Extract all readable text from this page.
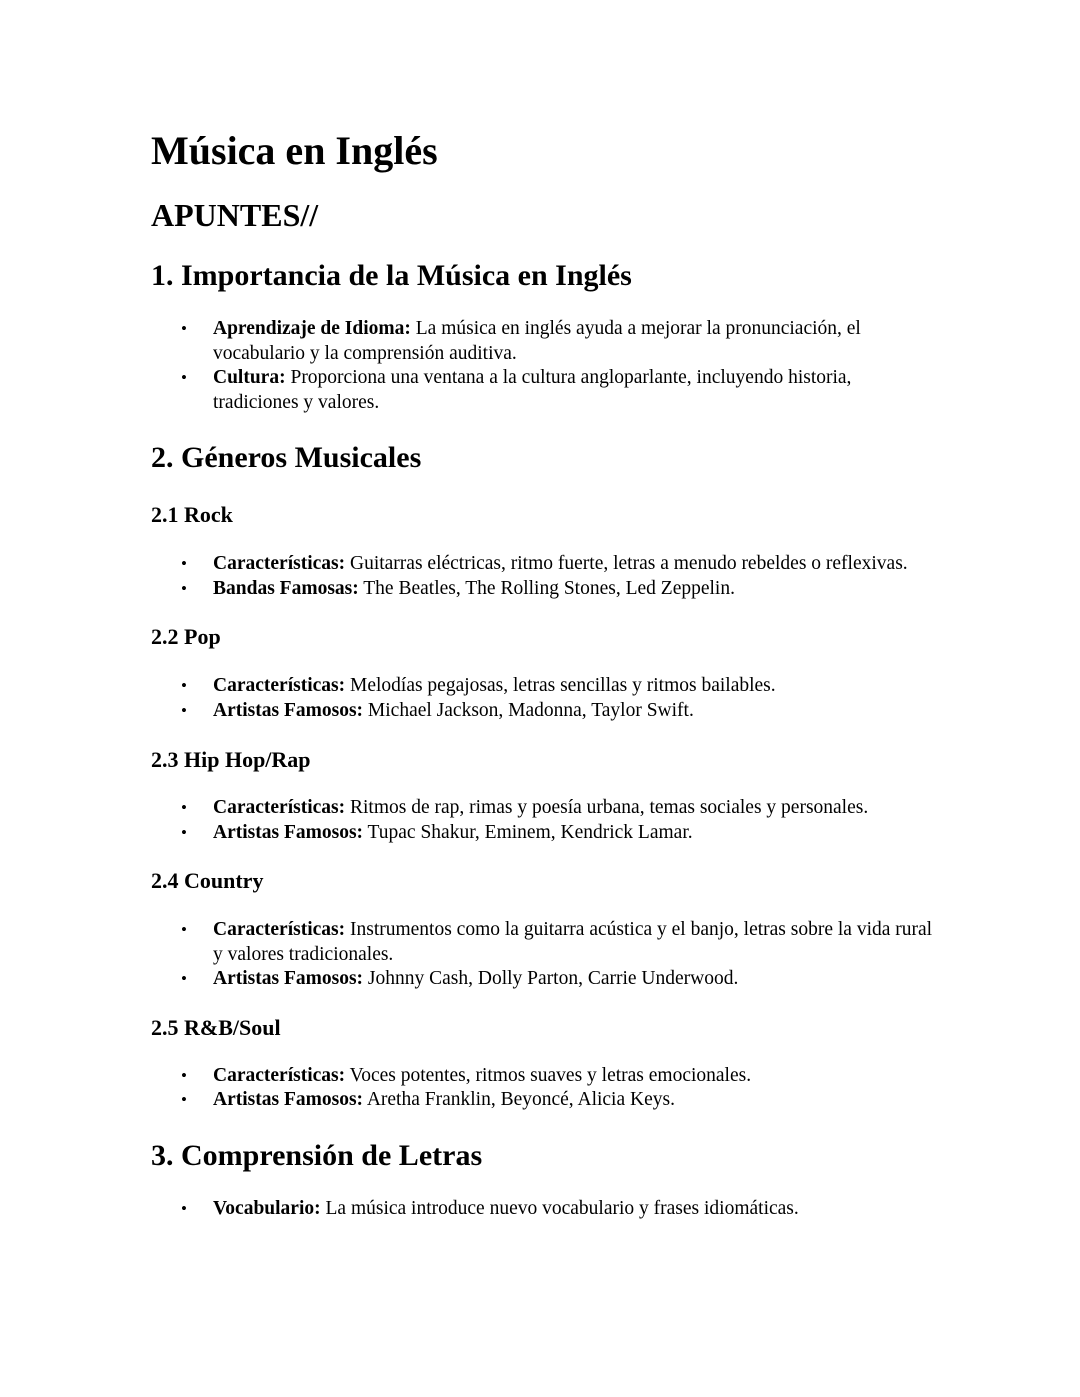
Música en Inglés
APUNTES//
1. Importancia de la Música en Inglés
• Aprendizaje de Idioma: La música en inglés ayuda a mejorar la pronunciación, el vocabulario y la comprensión auditiva.
• Cultura: Proporciona una ventana a la cultura angloparlante, incluyendo historia, tradiciones y valores.
2. Géneros Musicales
2.1 Rock
• Características: Guitarras eléctricas, ritmo fuerte, letras a menudo rebeldes o reflexivas.
• Bandas Famosas: The Beatles, The Rolling Stones, Led Zeppelin.
2.2 Pop
• Características: Melodías pegajosas, letras sencillas y ritmos bailables.
• Artistas Famosos: Michael Jackson, Madonna, Taylor Swift.
2.3 Hip Hop/Rap
• Características: Ritmos de rap, rimas y poesía urbana, temas sociales y personales.
• Artistas Famosos: Tupac Shakur, Eminem, Kendrick Lamar.
2.4 Country
• Características: Instrumentos como la guitarra acústica y el banjo, letras sobre la vida rural y valores tradicionales.
• Artistas Famosos: Johnny Cash, Dolly Parton, Carrie Underwood.
2.5 R&B/Soul
• Características: Voces potentes, ritmos suaves y letras emocionales.
• Artistas Famosos: Aretha Franklin, Beyoncé, Alicia Keys.
3. Comprensión de Letras
• Vocabulario: La música introduce nuevo vocabulario y frases idiomáticas.
